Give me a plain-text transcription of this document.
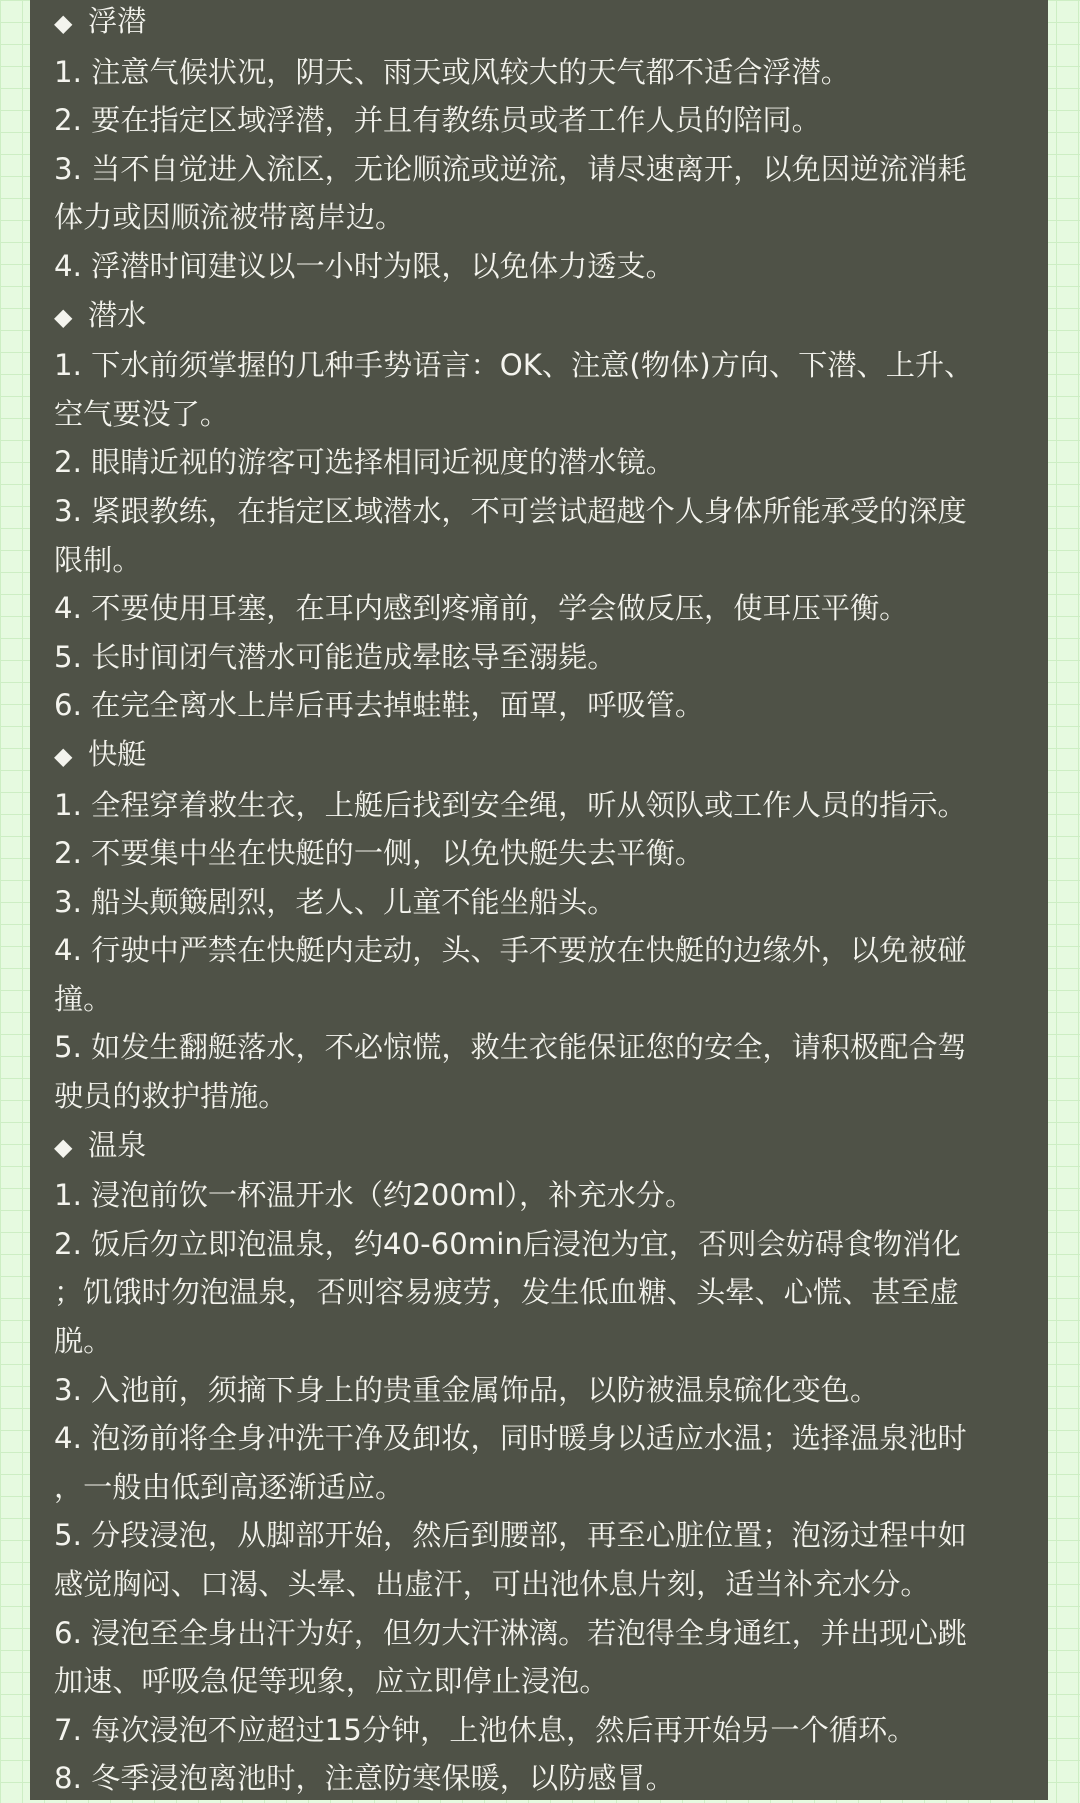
◆ 浮潜
1. 注意气候状况，阴天、雨天或风较大的天气都不适合浮潜。
2. 要在指定区域浮潜，并且有教练员或者工作人员的陪同。
3. 当不自觉进入流区，无论顺流或逆流，请尽速离开，以免因逆流消耗
体力或因顺流被带离岸边。
4. 浮潜时间建议以一小时为限，以免体力透支。
◆ 潜水
1. 下水前须掌握的几种手势语言：OK、注意(物体)方向、下潜、上升、
空气要没了。
2. 眼睛近视的游客可选择相同近视度的潜水镜。
3. 紧跟教练，在指定区域潜水，不可尝试超越个人身体所能承受的深度
限制。
4. 不要使用耳塞，在耳内感到疼痛前，学会做反压，使耳压平衡。
5. 长时间闭气潜水可能造成晕眩导至溺毙。
6. 在完全离水上岸后再去掉蛙鞋，面罩，呼吸管。
◆ 快艇
1. 全程穿着救生衣，上艇后找到安全绳，听从领队或工作人员的指示。
2. 不要集中坐在快艇的一侧，以免快艇失去平衡。
3. 船头颠簸剧烈，老人、儿童不能坐船头。
4. 行驶中严禁在快艇内走动，头、手不要放在快艇的边缘外，以免被碰
撞。
5. 如发生翻艇落水，不必惊慌，救生衣能保证您的安全，请积极配合驾
驶员的救护措施。
◆ 温泉
1. 浸泡前饮一杯温开水（约200ml），补充水分。
2. 饭后勿立即泡温泉，约40-60min后浸泡为宜，否则会妨碍食物消化
；饥饿时勿泡温泉，否则容易疲劳，发生低血糖、头晕、心慌、甚至虚
脱。
3. 入池前，须摘下身上的贵重金属饰品，以防被温泉硫化变色。
4. 泡汤前将全身冲洗干净及卸妆，同时暖身以适应水温；选择温泉池时
，一般由低到高逐渐适应。
5. 分段浸泡，从脚部开始，然后到腰部，再至心脏位置；泡汤过程中如
感觉胸闷、口渴、头晕、出虚汗，可出池休息片刻，适当补充水分。
6. 浸泡至全身出汗为好，但勿大汗淋漓。若泡得全身通红，并出现心跳
加速、呼吸急促等现象，应立即停止浸泡。
7. 每次浸泡不应超过15分钟，上池休息，然后再开始另一个循环。
8. 冬季浸泡离池时，注意防寒保暖，以防感冒。
